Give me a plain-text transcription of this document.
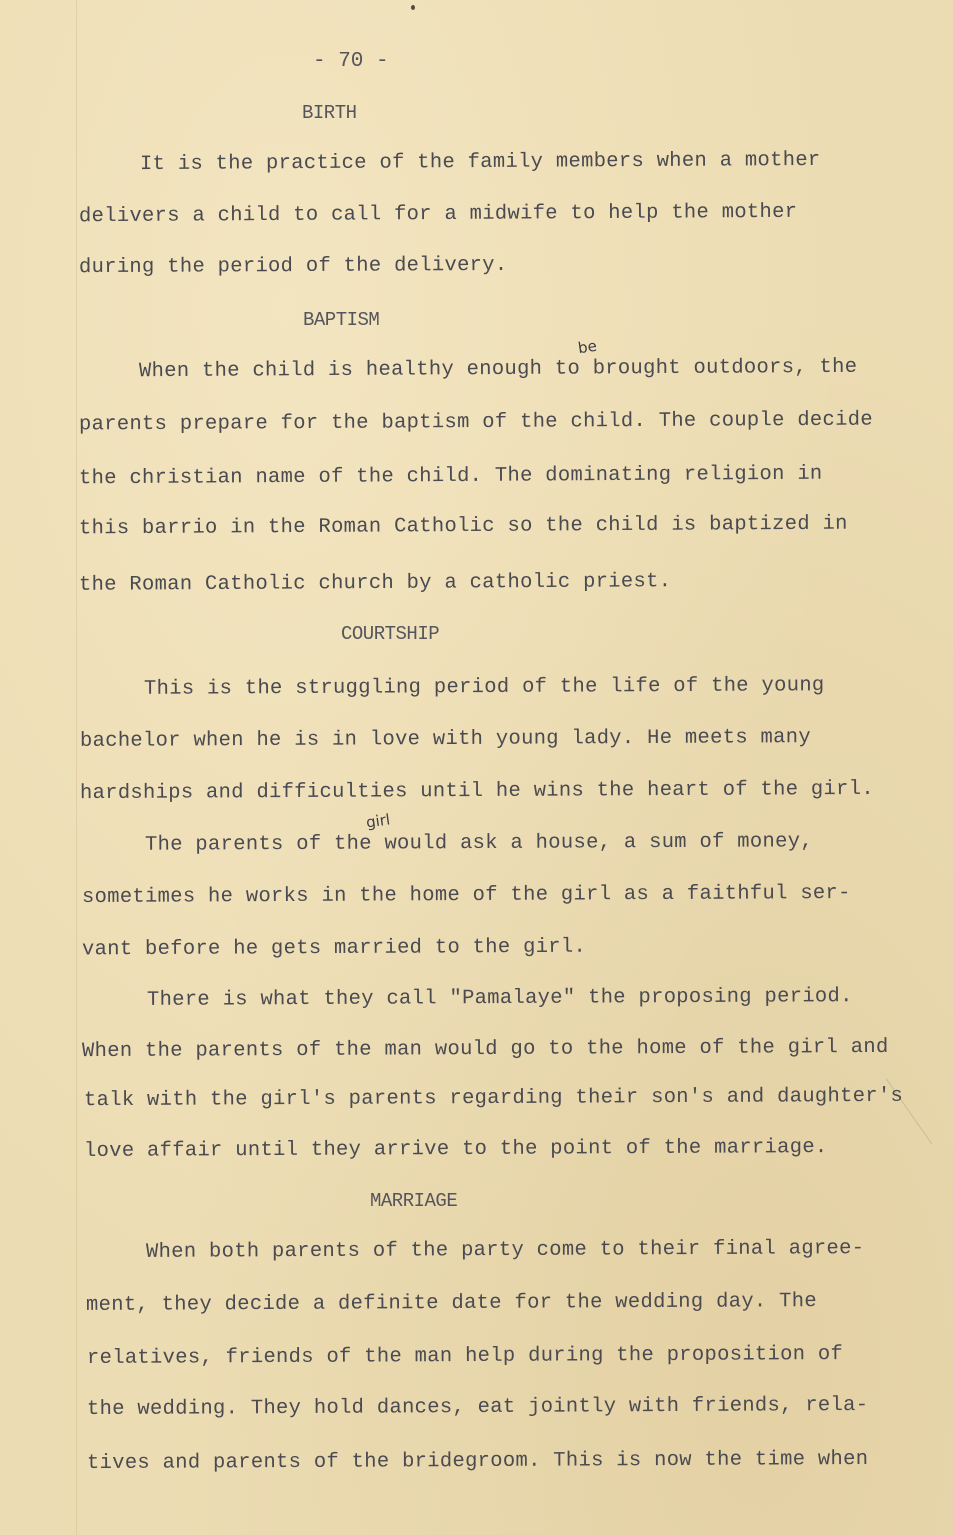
- 70 -
BIRTH
It is the practice of the family members when a mother
delivers a child to call for a midwife to help the mother
during the period of the delivery.
BAPTISM
be
When the child is healthy enough to brought outdoors, the
parents prepare for the baptism of the child. The couple decide
the christian name of the child. The dominating religion in
this barrio in the Roman Catholic so the child is baptized in
the Roman Catholic church by a catholic priest.
COURTSHIP
This is the struggling period of the life of the young
bachelor when he is in love with young lady. He meets many
hardships and difficulties until he wins the heart of the girl.
girl
The parents of the would ask a house, a sum of money,
sometimes he works in the home of the girl as a faithful ser-
vant before he gets married to the girl.
There is what they call "Pamalaye" the proposing period.
When the parents of the man would go to the home of the girl and
talk with the girl's parents regarding their son's and daughter's
love affair until they arrive to the point of the marriage.
MARRIAGE
When both parents of the party come to their final agree-
ment, they decide a definite date for the wedding day. The
relatives, friends of the man help during the proposition of
the wedding. They hold dances, eat jointly with friends, rela-
tives and parents of the bridegroom. This is now the time when
